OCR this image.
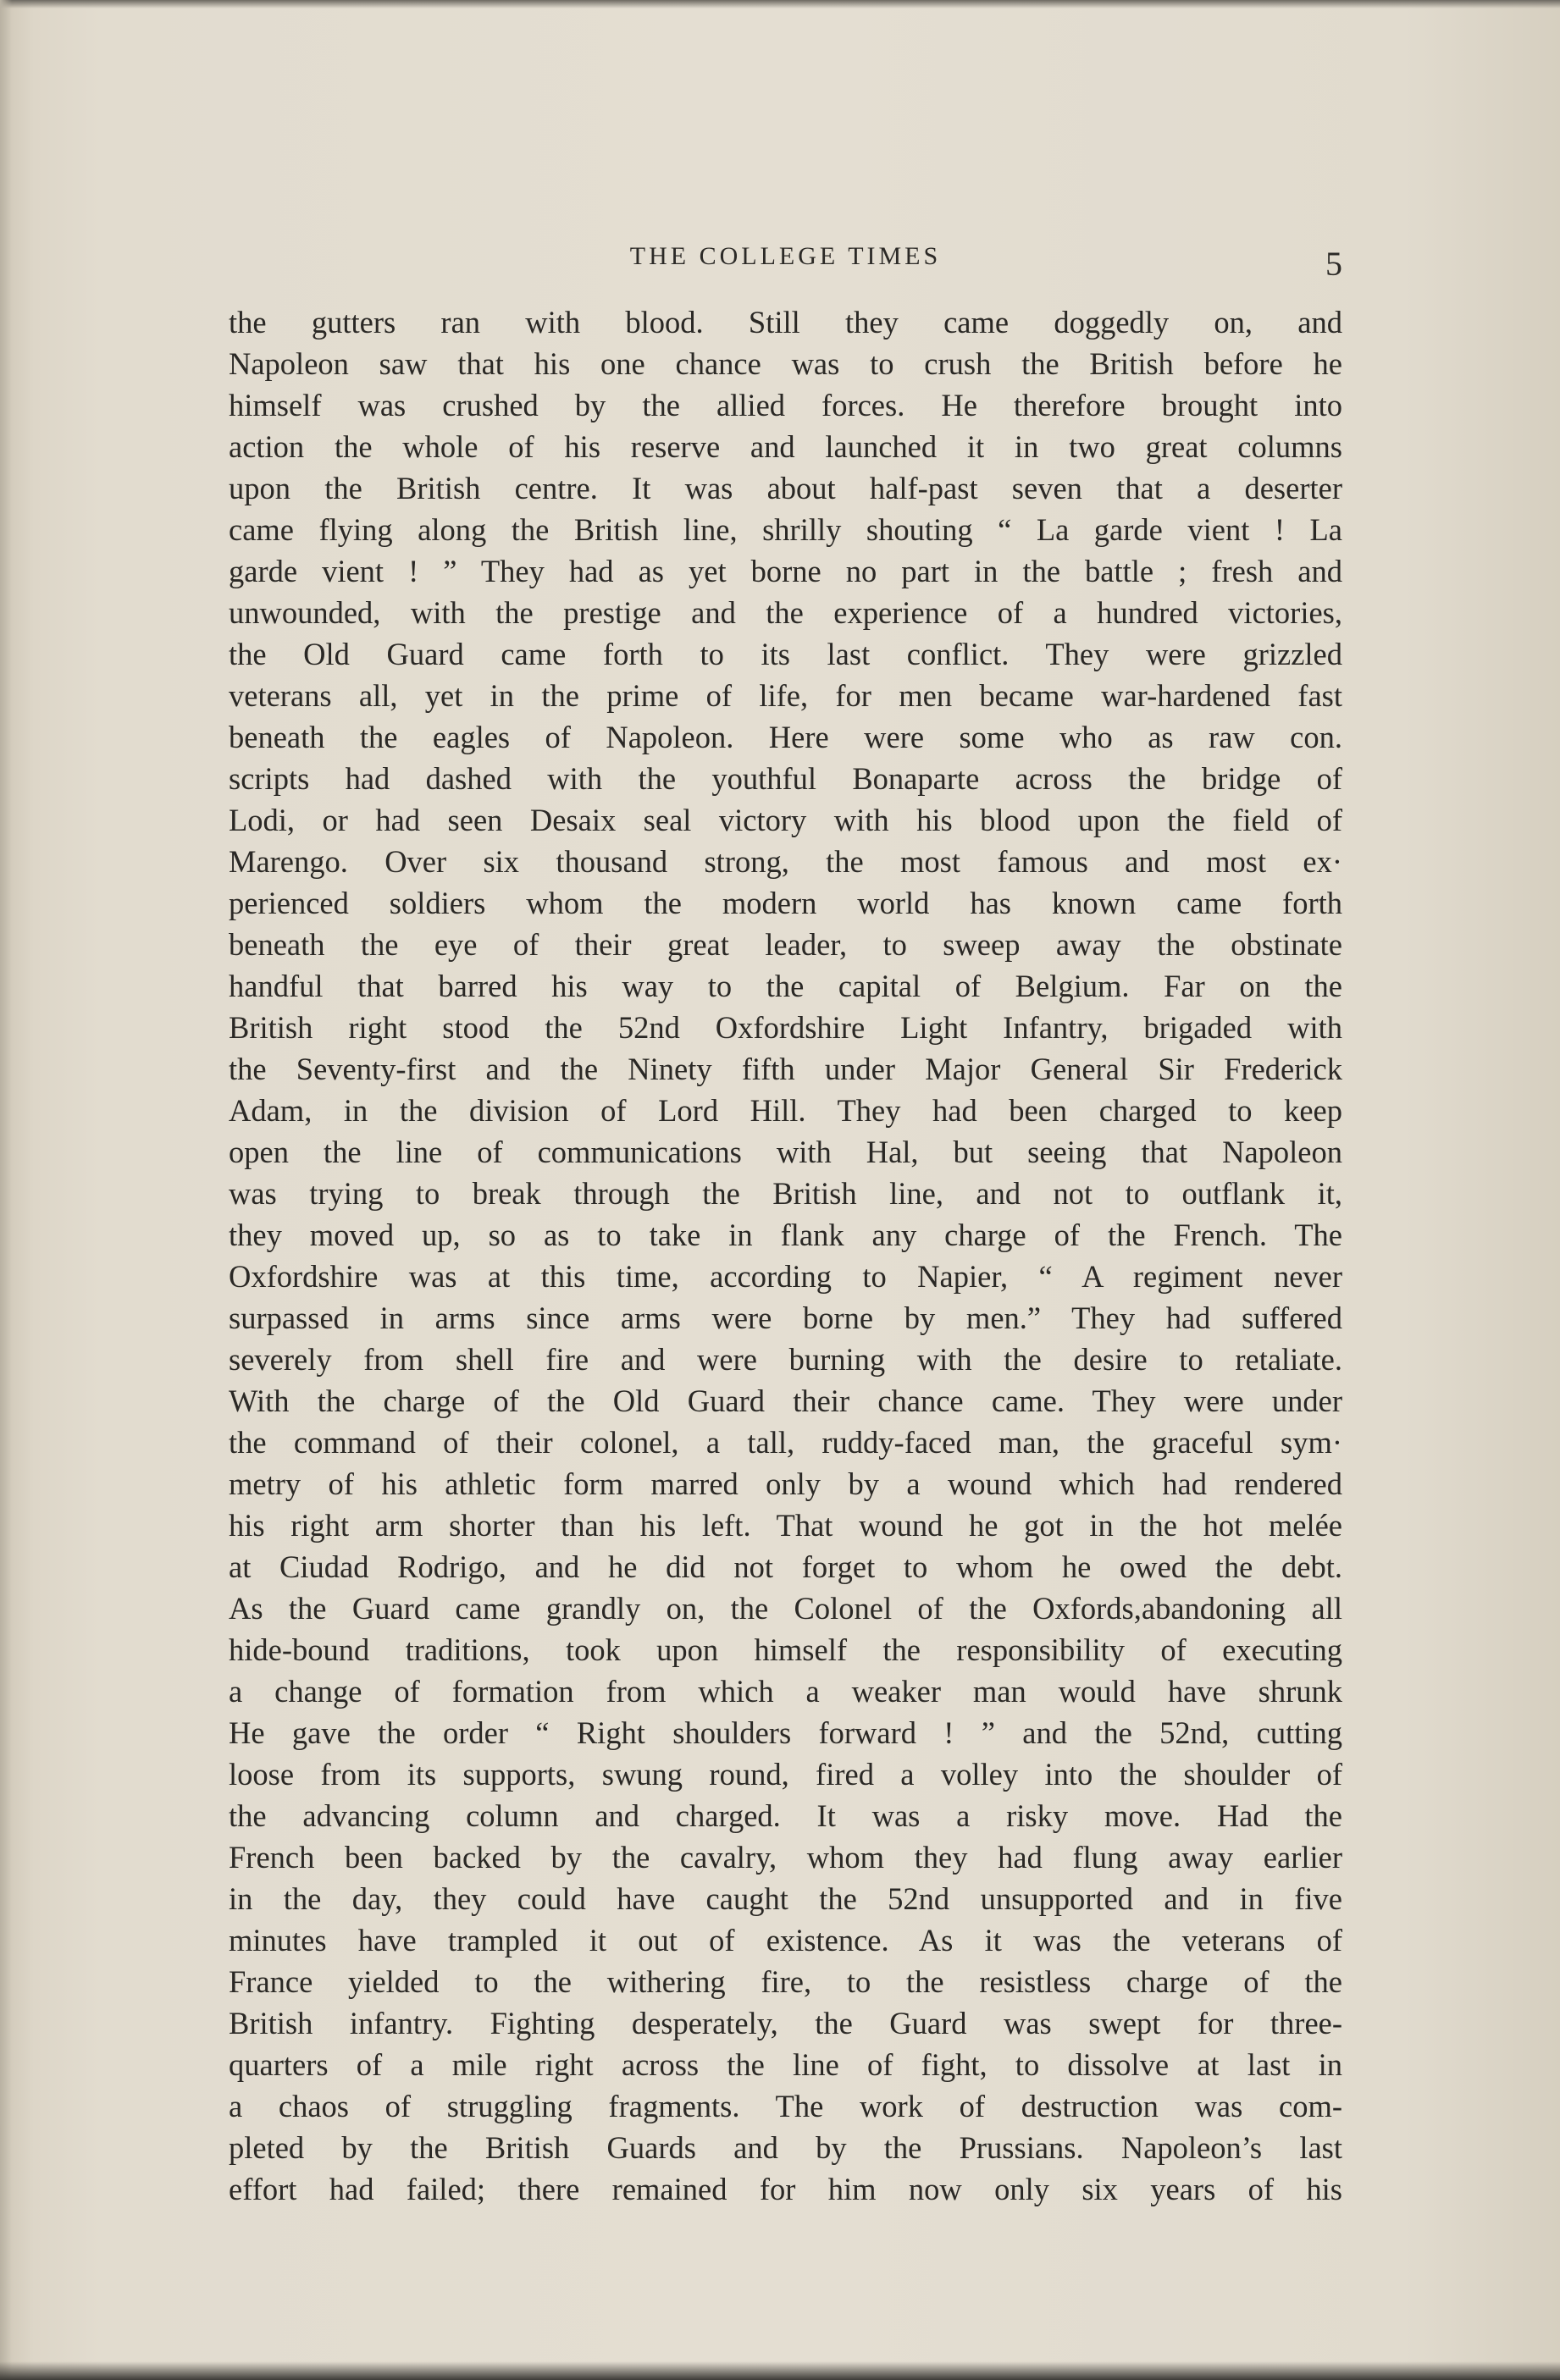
THE COLLEGE TIMES	5
the gutters ran with blood. Still they came doggedly on, and
Napoleon saw that his one chance was to crush the British before he
himself was crushed by the allied forces. He therefore brought into
action the whole of his reserve and launched it in two great columns
upon the British centre. It was about half-past seven that a deserter
came flying along the British line, shrilly shouting “ La garde vient ! La
garde vient ! ” They had as yet borne no part in the battle ; fresh and
unwounded, with the prestige and the experience of a hundred victories,
the Old Guard came forth to its last conflict. They were grizzled
veterans all, yet in the prime of life, for men became war-hardened fast
beneath the eagles of Napoleon. Here were some who as raw con.
scripts had dashed with the youthful Bonaparte across the bridge of
Lodi, or had seen Desaix seal victory with his blood upon the field of
Marengo. Over six thousand strong, the most famous and most ex·
perienced soldiers whom the modern world has known came forth
beneath the eye of their great leader, to sweep away the obstinate
handful that barred his way to the capital of Belgium. Far on the
British right stood the 52nd Oxfordshire Light Infantry, brigaded with
the Seventy-first and the Ninety fifth under Major General Sir Frederick
Adam, in the division of Lord Hill. They had been charged to keep
open the line of communications with Hal, but seeing that Napoleon
was trying to break through the British line, and not to outflank it,
they moved up, so as to take in flank any charge of the French. The
Oxfordshire was at this time, according to Napier, “ A regiment never
surpassed in arms since arms were borne by men.” They had suffered
severely from shell fire and were burning with the desire to retaliate.
With the charge of the Old Guard their chance came. They were under
the command of their colonel, a tall, ruddy-faced man, the graceful sym·
metry of his athletic form marred only by a wound which had rendered
his right arm shorter than his left. That wound he got in the hot melée
at Ciudad Rodrigo, and he did not forget to whom he owed the debt.
As the Guard came grandly on, the Colonel of the Oxfords,abandoning all
hide-bound traditions, took upon himself the responsibility of executing
a change of formation from which a weaker man would have shrunk
He gave the order “ Right shoulders forward ! ” and the 52nd, cutting
loose from its supports, swung round, fired a volley into the shoulder of
the advancing column and charged. It was a risky move. Had the
French been backed by the cavalry, whom they had flung away earlier
in the day, they could have caught the 52nd unsupported and in five
minutes have trampled it out of existence. As it was the veterans of
France yielded to the withering fire, to the resistless charge of the
British infantry. Fighting desperately, the Guard was swept for three-
quarters of a mile right across the line of fight, to dissolve at last in
a chaos of struggling fragments. The work of destruction was com-
pleted by the British Guards and by the Prussians. Napoleon’s last
effort had failed; there remained for him now only six years of his
